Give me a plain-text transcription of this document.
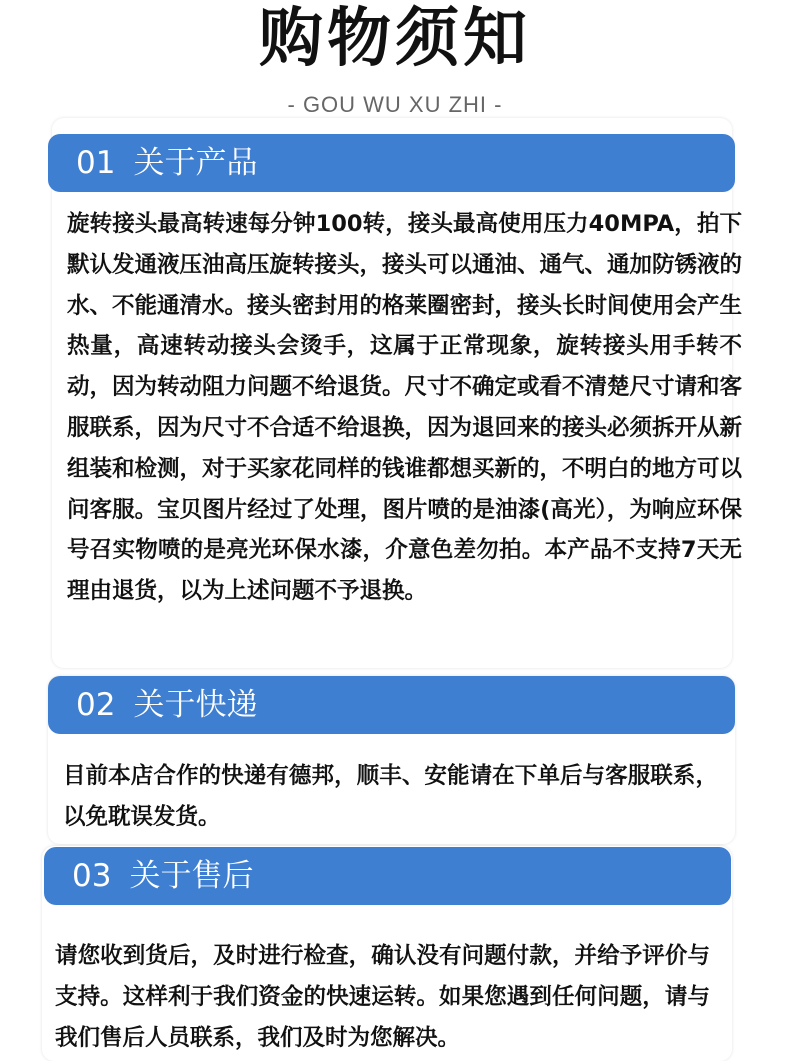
购物须知
- GOU WU XU ZHI -
01 关于产品

旋转接头最高转速每分钟100转，接头最高使用压力40MPA，拍下默认发通液压油高压旋转接头，接头可以通油、通气、通加防锈液的水、不能通清水。接头密封用的格莱圈密封，接头长时间使用会产生热量，高速转动接头会烫手，这属于正常现象，旋转接头用手转不动，因为转动阻力问题不给退货。尺寸不确定或看不清楚尺寸请和客服联系，因为尺寸不合适不给退换，因为退回来的接头必须拆开从新组装和检测，对于买家花同样的钱谁都想买新的，不明白的地方可以问客服。宝贝图片经过了处理，图片喷的是油漆(高光），为响应环保号召实物喷的是亮光环保水漆，介意色差勿拍。本产品不支持7天无理由退货，以为上述问题不予退换。

02 关于快递

目前本店合作的快递有德邦，顺丰、安能请在下单后与客服联系，以免耽误发货。

03 关于售后

请您收到货后，及时进行检查，确认没有问题付款，并给予评价与支持。这样利于我们资金的快速运转。如果您遇到任何问题，请与我们售后人员联系，我们及时为您解决。
